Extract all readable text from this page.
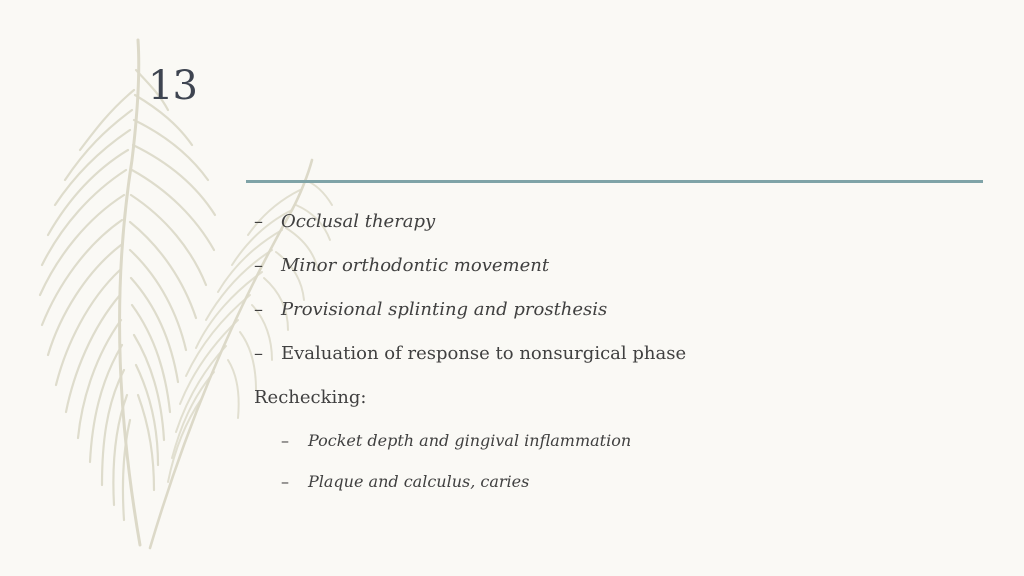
13
– Occlusal therapy
– Minor orthodontic movement
– Provisional splinting and prosthesis
– Evaluation of response to nonsurgical phase
Rechecking:
– Pocket depth and gingival inflammation
– Plaque and calculus, caries
